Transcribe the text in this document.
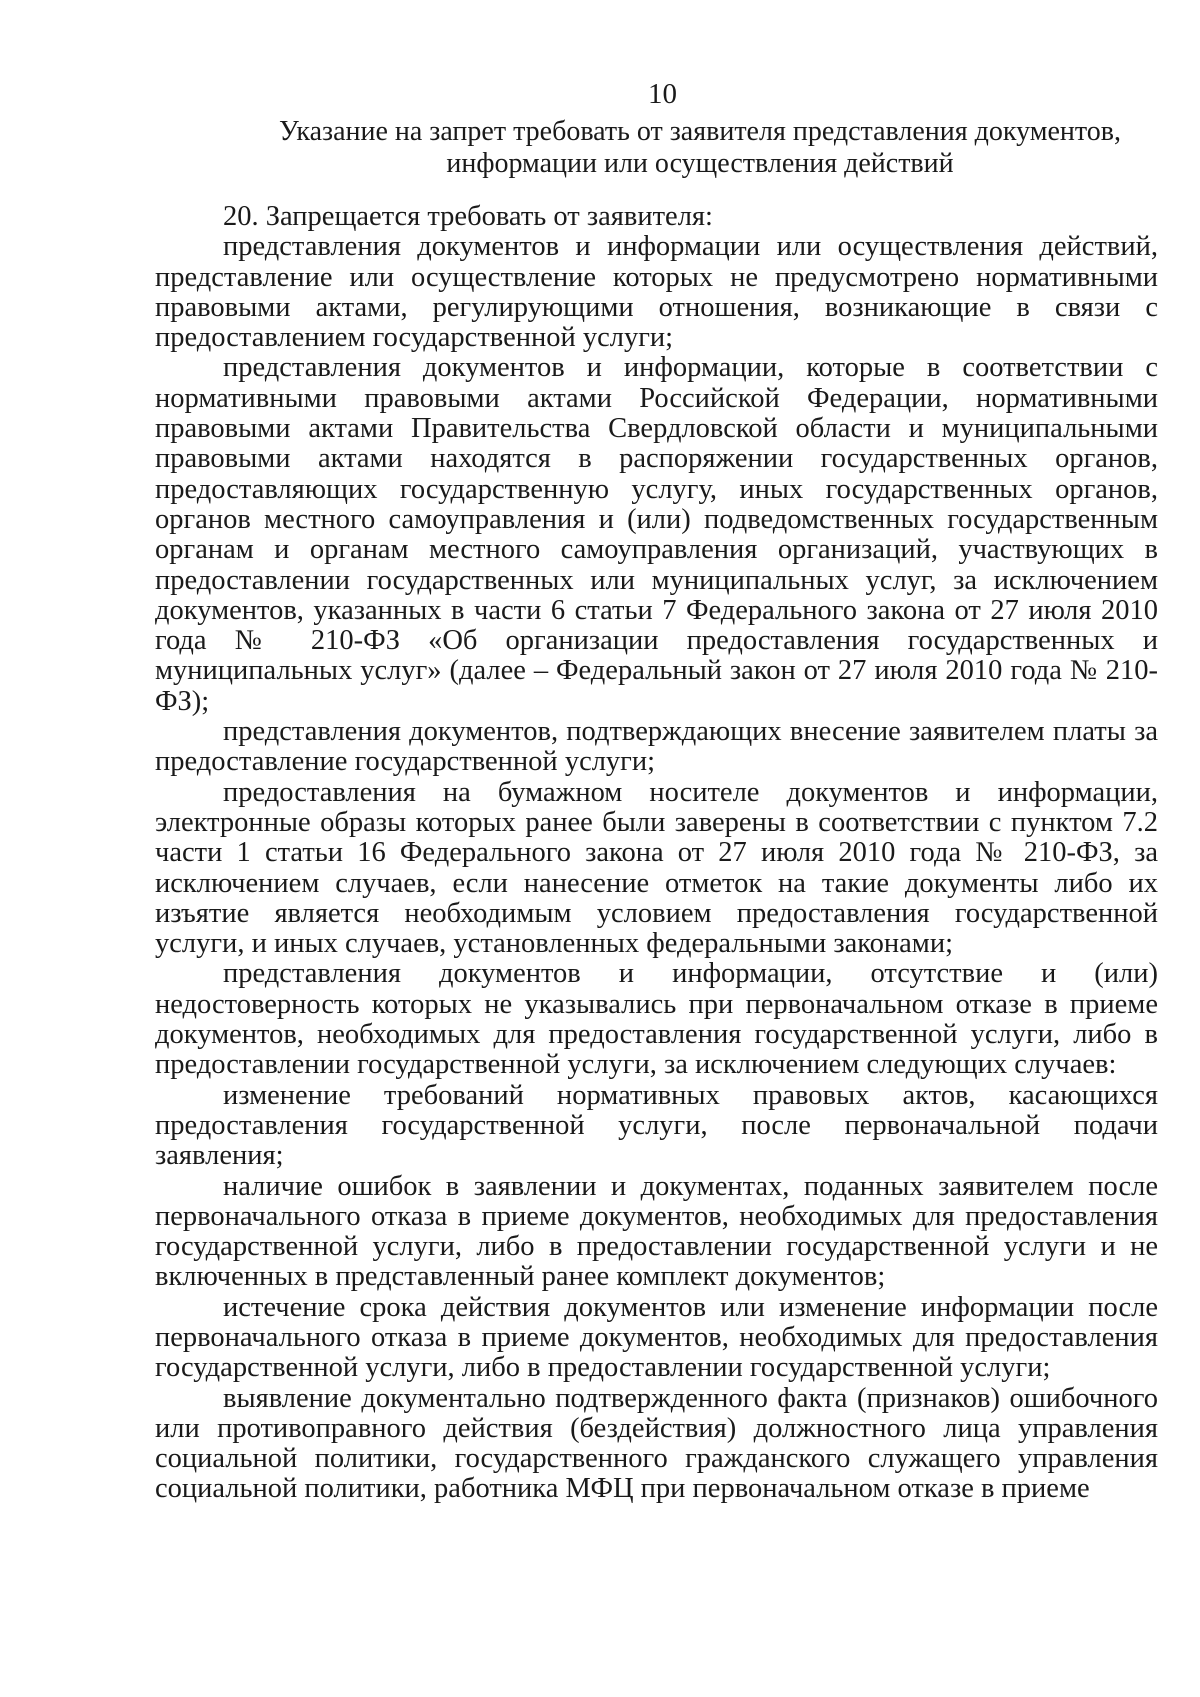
10
Указание на запрет требовать от заявителя представления документов,
информации или осуществления действий

20. Запрещается требовать от заявителя:

представления документов и информации или осуществления действий, представление или осуществление которых не предусмотрено нормативными правовыми актами, регулирующими отношения, возникающие в связи с предоставлением государственной услуги;

представления документов и информации, которые в соответствии с нормативными правовыми актами Российской Федерации, нормативными правовыми актами Правительства Свердловской области и муниципальными правовыми актами находятся в распоряжении государственных органов, предоставляющих государственную услугу, иных государственных органов, органов местного самоуправления и (или) подведомственных государственным органам и органам местного самоуправления организаций, участвующих в предоставлении государственных или муниципальных услуг, за исключением документов, указанных в части 6 статьи 7 Федерального закона от 27 июля 2010 года № 210-ФЗ «Об организации предоставления государственных и муниципальных услуг» (далее – Федеральный закон от 27 июля 2010 года № 210-ФЗ);

представления документов, подтверждающих внесение заявителем платы за предоставление государственной услуги;

предоставления на бумажном носителе документов и информации, электронные образы которых ранее были заверены в соответствии с пунктом 7.2 части 1 статьи 16 Федерального закона от 27 июля 2010 года № 210-ФЗ, за исключением случаев, если нанесение отметок на такие документы либо их изъятие является необходимым условием предоставления государственной услуги, и иных случаев, установленных федеральными законами;

представления документов и информации, отсутствие и (или) недостоверность которых не указывались при первоначальном отказе в приеме документов, необходимых для предоставления государственной услуги, либо в предоставлении государственной услуги, за исключением следующих случаев:

изменение требований нормативных правовых актов, касающихся предоставления государственной услуги, после первоначальной подачи заявления;

наличие ошибок в заявлении и документах, поданных заявителем после первоначального отказа в приеме документов, необходимых для предоставления государственной услуги, либо в предоставлении государственной услуги и не включенных в представленный ранее комплект документов;

истечение срока действия документов или изменение информации после первоначального отказа в приеме документов, необходимых для предоставления государственной услуги, либо в предоставлении государственной услуги;

выявление документально подтвержденного факта (признаков) ошибочного или противоправного действия (бездействия) должностного лица управления социальной политики, государственного гражданского служащего управления социальной политики, работника МФЦ при первоначальном отказе в приеме
